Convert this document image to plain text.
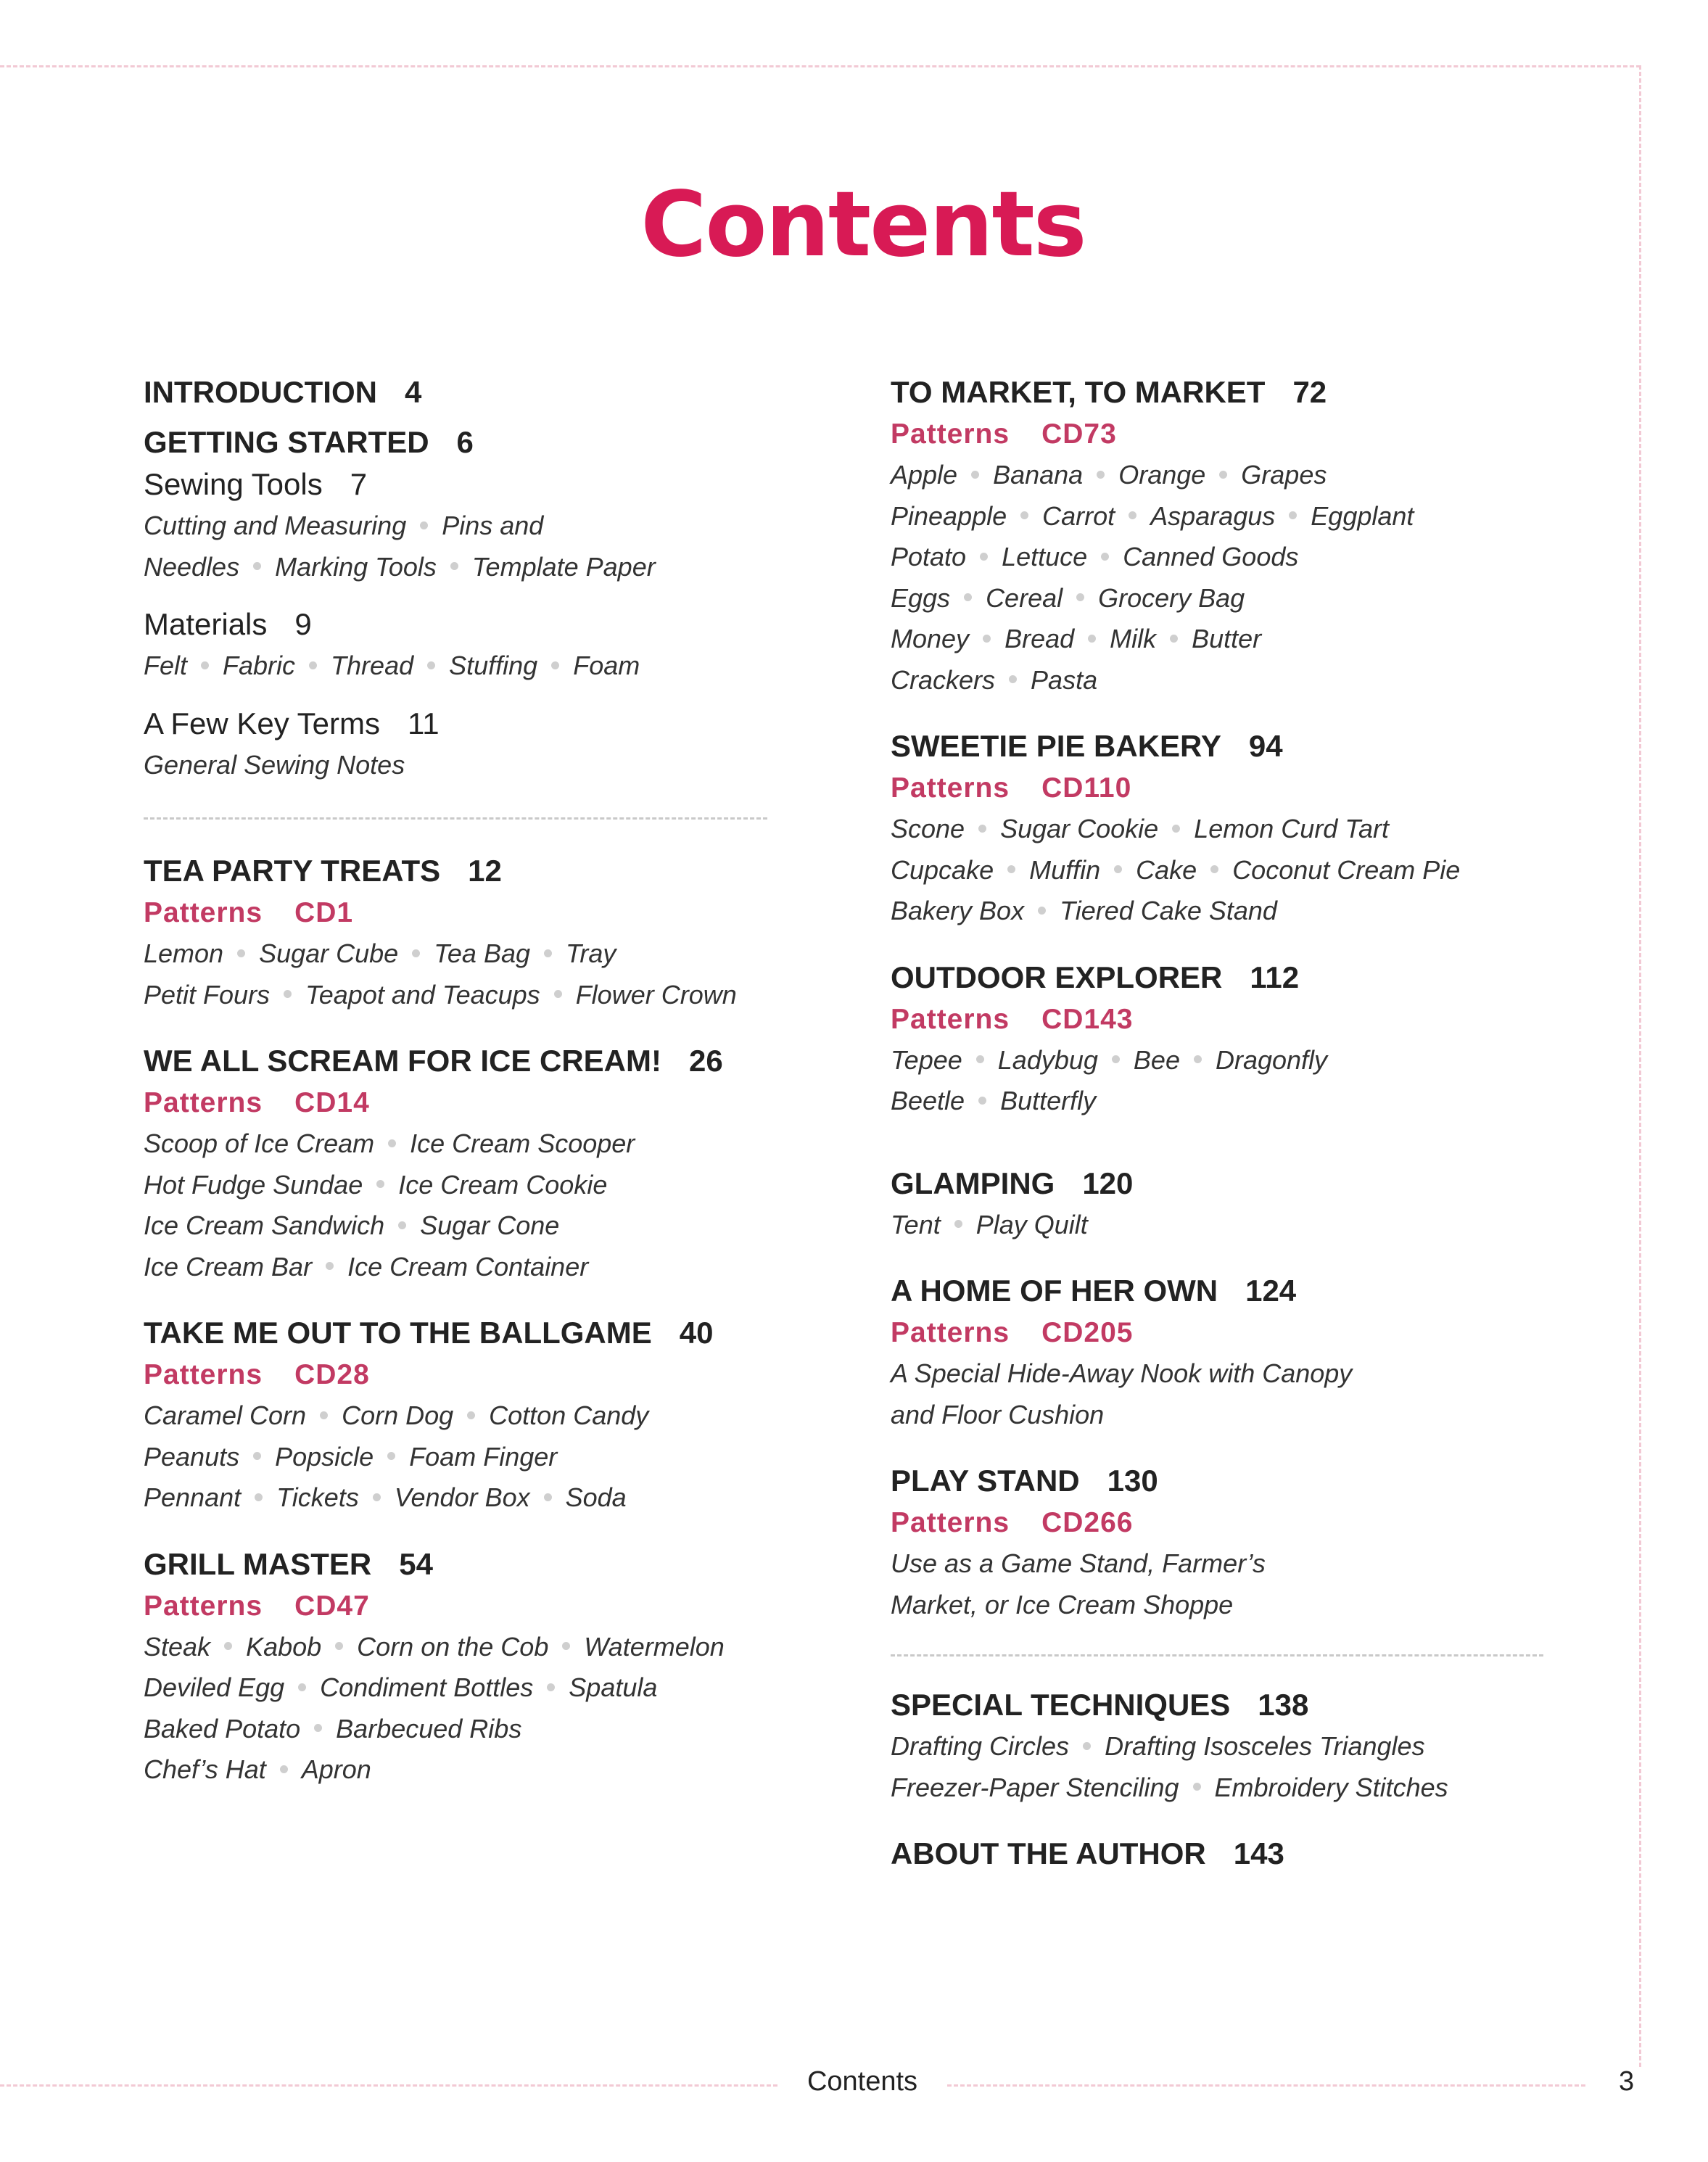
Contents
INTRODUCTION 4
GETTING STARTED 6
Sewing Tools 7
Cutting and Measuring Pins and
Needles Marking Tools Template Paper
Materials 9
Felt Fabric Thread Stuffing Foam
A Few Key Terms 11
General Sewing Notes
TEA PARTY TREATS 12
Patterns CD1
Lemon Sugar Cube Tea Bag Tray
Petit Fours Teapot and Teacups Flower Crown
WE ALL SCREAM FOR ICE CREAM! 26
Patterns CD14
Scoop of Ice Cream Ice Cream Scooper
Hot Fudge Sundae Ice Cream Cookie
Ice Cream Sandwich Sugar Cone
Ice Cream Bar Ice Cream Container
TAKE ME OUT TO THE BALLGAME 40
Patterns CD28
Caramel Corn Corn Dog Cotton Candy
Peanuts Popsicle Foam Finger
Pennant Tickets Vendor Box Soda
GRILL MASTER 54
Patterns CD47
Steak Kabob Corn on the Cob Watermelon
Deviled Egg Condiment Bottles Spatula
Baked Potato Barbecued Ribs
Chef’s Hat Apron
TO MARKET, TO MARKET 72
Patterns CD73
Apple Banana Orange Grapes
Pineapple Carrot Asparagus Eggplant
Potato Lettuce Canned Goods
Eggs Cereal Grocery Bag
Money Bread Milk Butter
Crackers Pasta
SWEETIE PIE BAKERY 94
Patterns CD110
Scone Sugar Cookie Lemon Curd Tart
Cupcake Muffin Cake Coconut Cream Pie
Bakery Box Tiered Cake Stand
OUTDOOR EXPLORER 112
Patterns CD143
Tepee Ladybug Bee Dragonfly
Beetle Butterfly
GLAMPING 120
Tent Play Quilt
A HOME OF HER OWN 124
Patterns CD205
A Special Hide-Away Nook with Canopy
and Floor Cushion
PLAY STAND 130
Patterns CD266
Use as a Game Stand, Farmer’s
Market, or Ice Cream Shoppe
SPECIAL TECHNIQUES 138
Drafting Circles Drafting Isosceles Triangles
Freezer-Paper Stenciling Embroidery Stitches
ABOUT THE AUTHOR 143
Contents	3
